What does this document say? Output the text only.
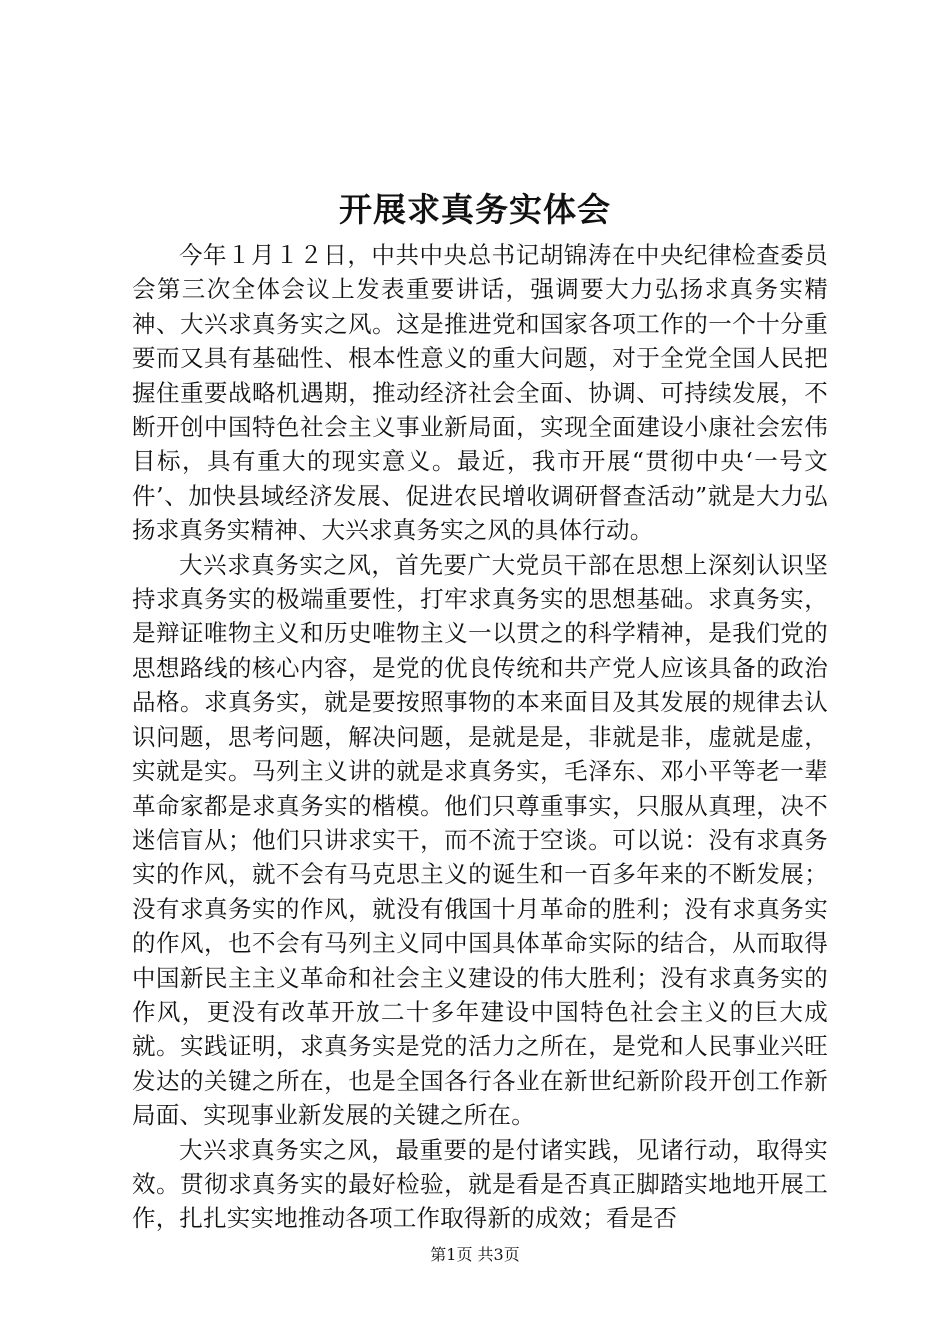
开展求真务实体会

今年１月１２日，中共中央总书记胡锦涛在中央纪律检查委员会第三次全体会议上发表重要讲话，强调要大力弘扬求真务实精神、大兴求真务实之风。这是推进党和国家各项工作的一个十分重要而又具有基础性、根本性意义的重大问题，对于全党全国人民把握住重要战略机遇期，推动经济社会全面、协调、可持续发展，不断开创中国特色社会主义事业新局面，实现全面建设小康社会宏伟目标，具有重大的现实意义。最近，我市开展“贯彻中央‘一号文件’、加快县域经济发展、促进农民增收调研督查活动”就是大力弘扬求真务实精神、大兴求真务实之风的具体行动。

大兴求真务实之风，首先要广大党员干部在思想上深刻认识坚持求真务实的极端重要性，打牢求真务实的思想基础。求真务实，是辩证唯物主义和历史唯物主义一以贯之的科学精神，是我们党的思想路线的核心内容，是党的优良传统和共产党人应该具备的政治品格。求真务实，就是要按照事物的本来面目及其发展的规律去认识问题，思考问题，解决问题，是就是是，非就是非，虚就是虚，实就是实。马列主义讲的就是求真务实，毛泽东、邓小平等老一辈革命家都是求真务实的楷模。他们只尊重事实，只服从真理，决不迷信盲从；他们只讲求实干，而不流于空谈。可以说：没有求真务实的作风，就不会有马克思主义的诞生和一百多年来的不断发展；没有求真务实的作风，就没有俄国十月革命的胜利；没有求真务实的作风，也不会有马列主义同中国具体革命实际的结合，从而取得中国新民主主义革命和社会主义建设的伟大胜利；没有求真务实的作风，更没有改革开放二十多年建设中国特色社会主义的巨大成就。实践证明，求真务实是党的活力之所在，是党和人民事业兴旺发达的关键之所在，也是全国各行各业在新世纪新阶段开创工作新局面、实现事业新发展的关键之所在。

大兴求真务实之风，最重要的是付诸实践，见诸行动，取得实效。贯彻求真务实的最好检验，就是看是否真正脚踏实地地开展工作，扎扎实实地推动各项工作取得新的成效；看是否

第1页 共3页
